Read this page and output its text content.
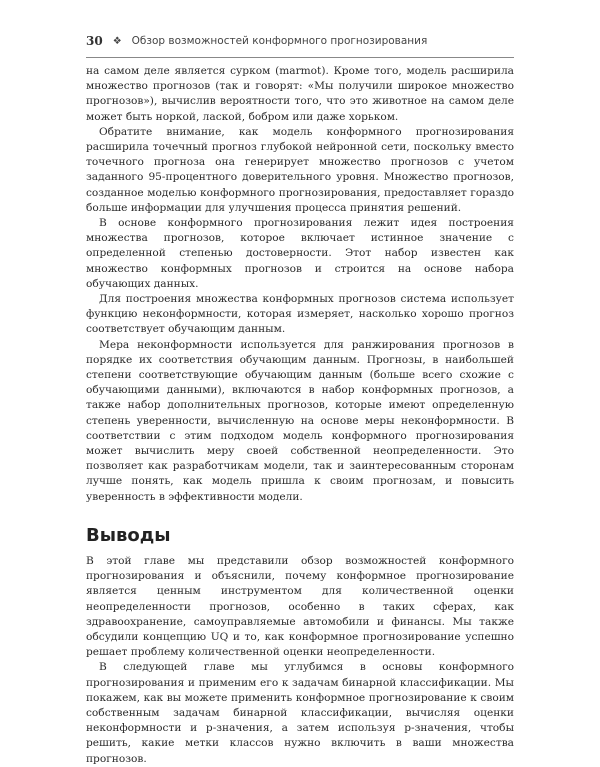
30 ❖ Обзор возможностей конформного прогнозирования

на самом деле является сурком (marmot). Кроме того, модель расширила множество прогнозов (так и говорят: «Мы получили широкое множество прогнозов»), вычислив вероятности того, что это животное на самом деле может быть норкой, лаской, бобром или даже хорьком.

Обратите внимание, как модель конформного прогнозирования расширила точечный прогноз глубокой нейронной сети, поскольку вместо точечного прогноза она генерирует множество прогнозов с учетом заданного 95-процентного доверительного уровня. Множество прогнозов, созданное моделью конформного прогнозирования, предоставляет гораздо больше информации для улучшения процесса принятия решений.

В основе конформного прогнозирования лежит идея построения множества прогнозов, которое включает истинное значение с определенной степенью достоверности. Этот набор известен как множество конформных прогнозов и строится на основе набора обучающих данных.

Для построения множества конформных прогнозов система использует функцию неконформности, которая измеряет, насколько хорошо прогноз соответствует обучающим данным.

Мера неконформности используется для ранжирования прогнозов в порядке их соответствия обучающим данным. Прогнозы, в наибольшей степени соответствующие обучающим данным (больше всего схожие с обучающими данными), включаются в набор конформных прогнозов, а также набор дополнительных прогнозов, которые имеют определенную степень уверенности, вычисленную на основе меры неконформности. В соответствии с этим подходом модель конформного прогнозирования может вычислить меру своей собственной неопределенности. Это позволяет как разработчикам модели, так и заинтересованным сторонам лучше понять, как модель пришла к своим прогнозам, и повысить уверенность в эффективности модели.

Выводы

В этой главе мы представили обзор возможностей конформного прогнозирования и объяснили, почему конформное прогнозирование является ценным инструментом для количественной оценки неопределенности прогнозов, особенно в таких сферах, как здравоохранение, самоуправляемые автомобили и финансы. Мы также обсудили концепцию UQ и то, как конформное прогнозирование успешно решает проблему количественной оценки неопределенности.

В следующей главе мы углубимся в основы конформного прогнозирования и применим его к задачам бинарной классификации. Мы покажем, как вы можете применить конформное прогнозирование к своим собственным задачам бинарной классификации, вычисляя оценки неконформности и p-значения, а затем используя p-значения, чтобы решить, какие метки классов нужно включить в ваши множества прогнозов.
